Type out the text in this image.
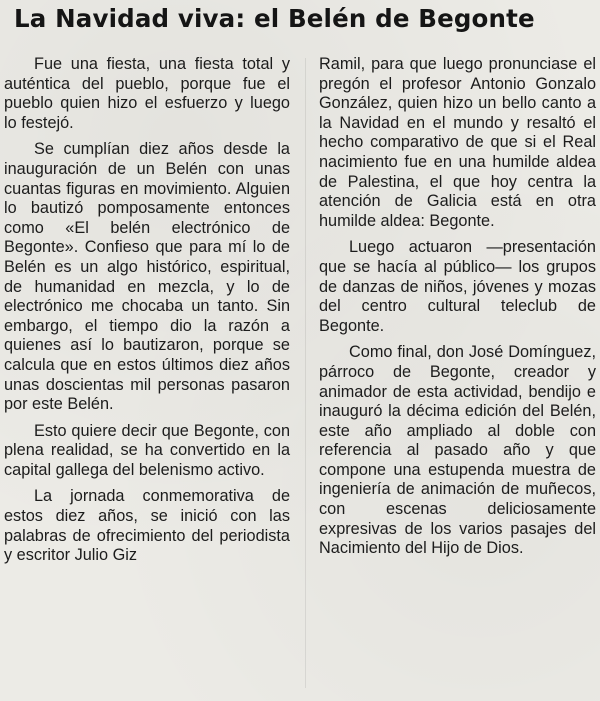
La Navidad viva: el Belén de Begonte

Fue una fiesta, una fiesta total y auténtica del pueblo, porque fue el pueblo quien hizo el esfuerzo y luego lo festejó.

Se cumplían diez años desde la inauguración de un Belén con unas cuantas figuras en movimiento. Alguien lo bautizó pomposamente entonces como «El belén electrónico de Begonte». Confieso que para mí lo de Belén es un algo histórico, espiritual, de humanidad en mezcla, y lo de electrónico me chocaba un tanto. Sin embargo, el tiempo dio la razón a quienes así lo bautizaron, porque se calcula que en estos últimos diez años unas doscientas mil personas pasaron por este Belén.

Esto quiere decir que Begonte, con plena realidad, se ha convertido en la capital gallega del belenismo activo.

La jornada conmemorativa de estos diez años, se inició con las palabras de ofrecimiento del periodista y escritor Julio Giz

Ramil, para que luego pronunciase el pregón el profesor Antonio Gonzalo González, quien hizo un bello canto a la Navidad en el mundo y resaltó el hecho comparativo de que si el Real nacimiento fue en una humilde aldea de Palestina, el que hoy centra la atención de Galicia está en otra humilde aldea: Begonte.

Luego actuaron —presentación que se hacía al público— los grupos de danzas de niños, jóvenes y mozas del centro cultural teleclub de Begonte.

Como final, don José Domínguez, párroco de Begonte, creador y animador de esta actividad, bendijo e inauguró la décima edición del Belén, este año ampliado al doble con referencia al pasado año y que compone una estupenda muestra de ingeniería de animación de muñecos, con escenas deliciosamente expresivas de los varios pasajes del Nacimiento del Hijo de Dios.
